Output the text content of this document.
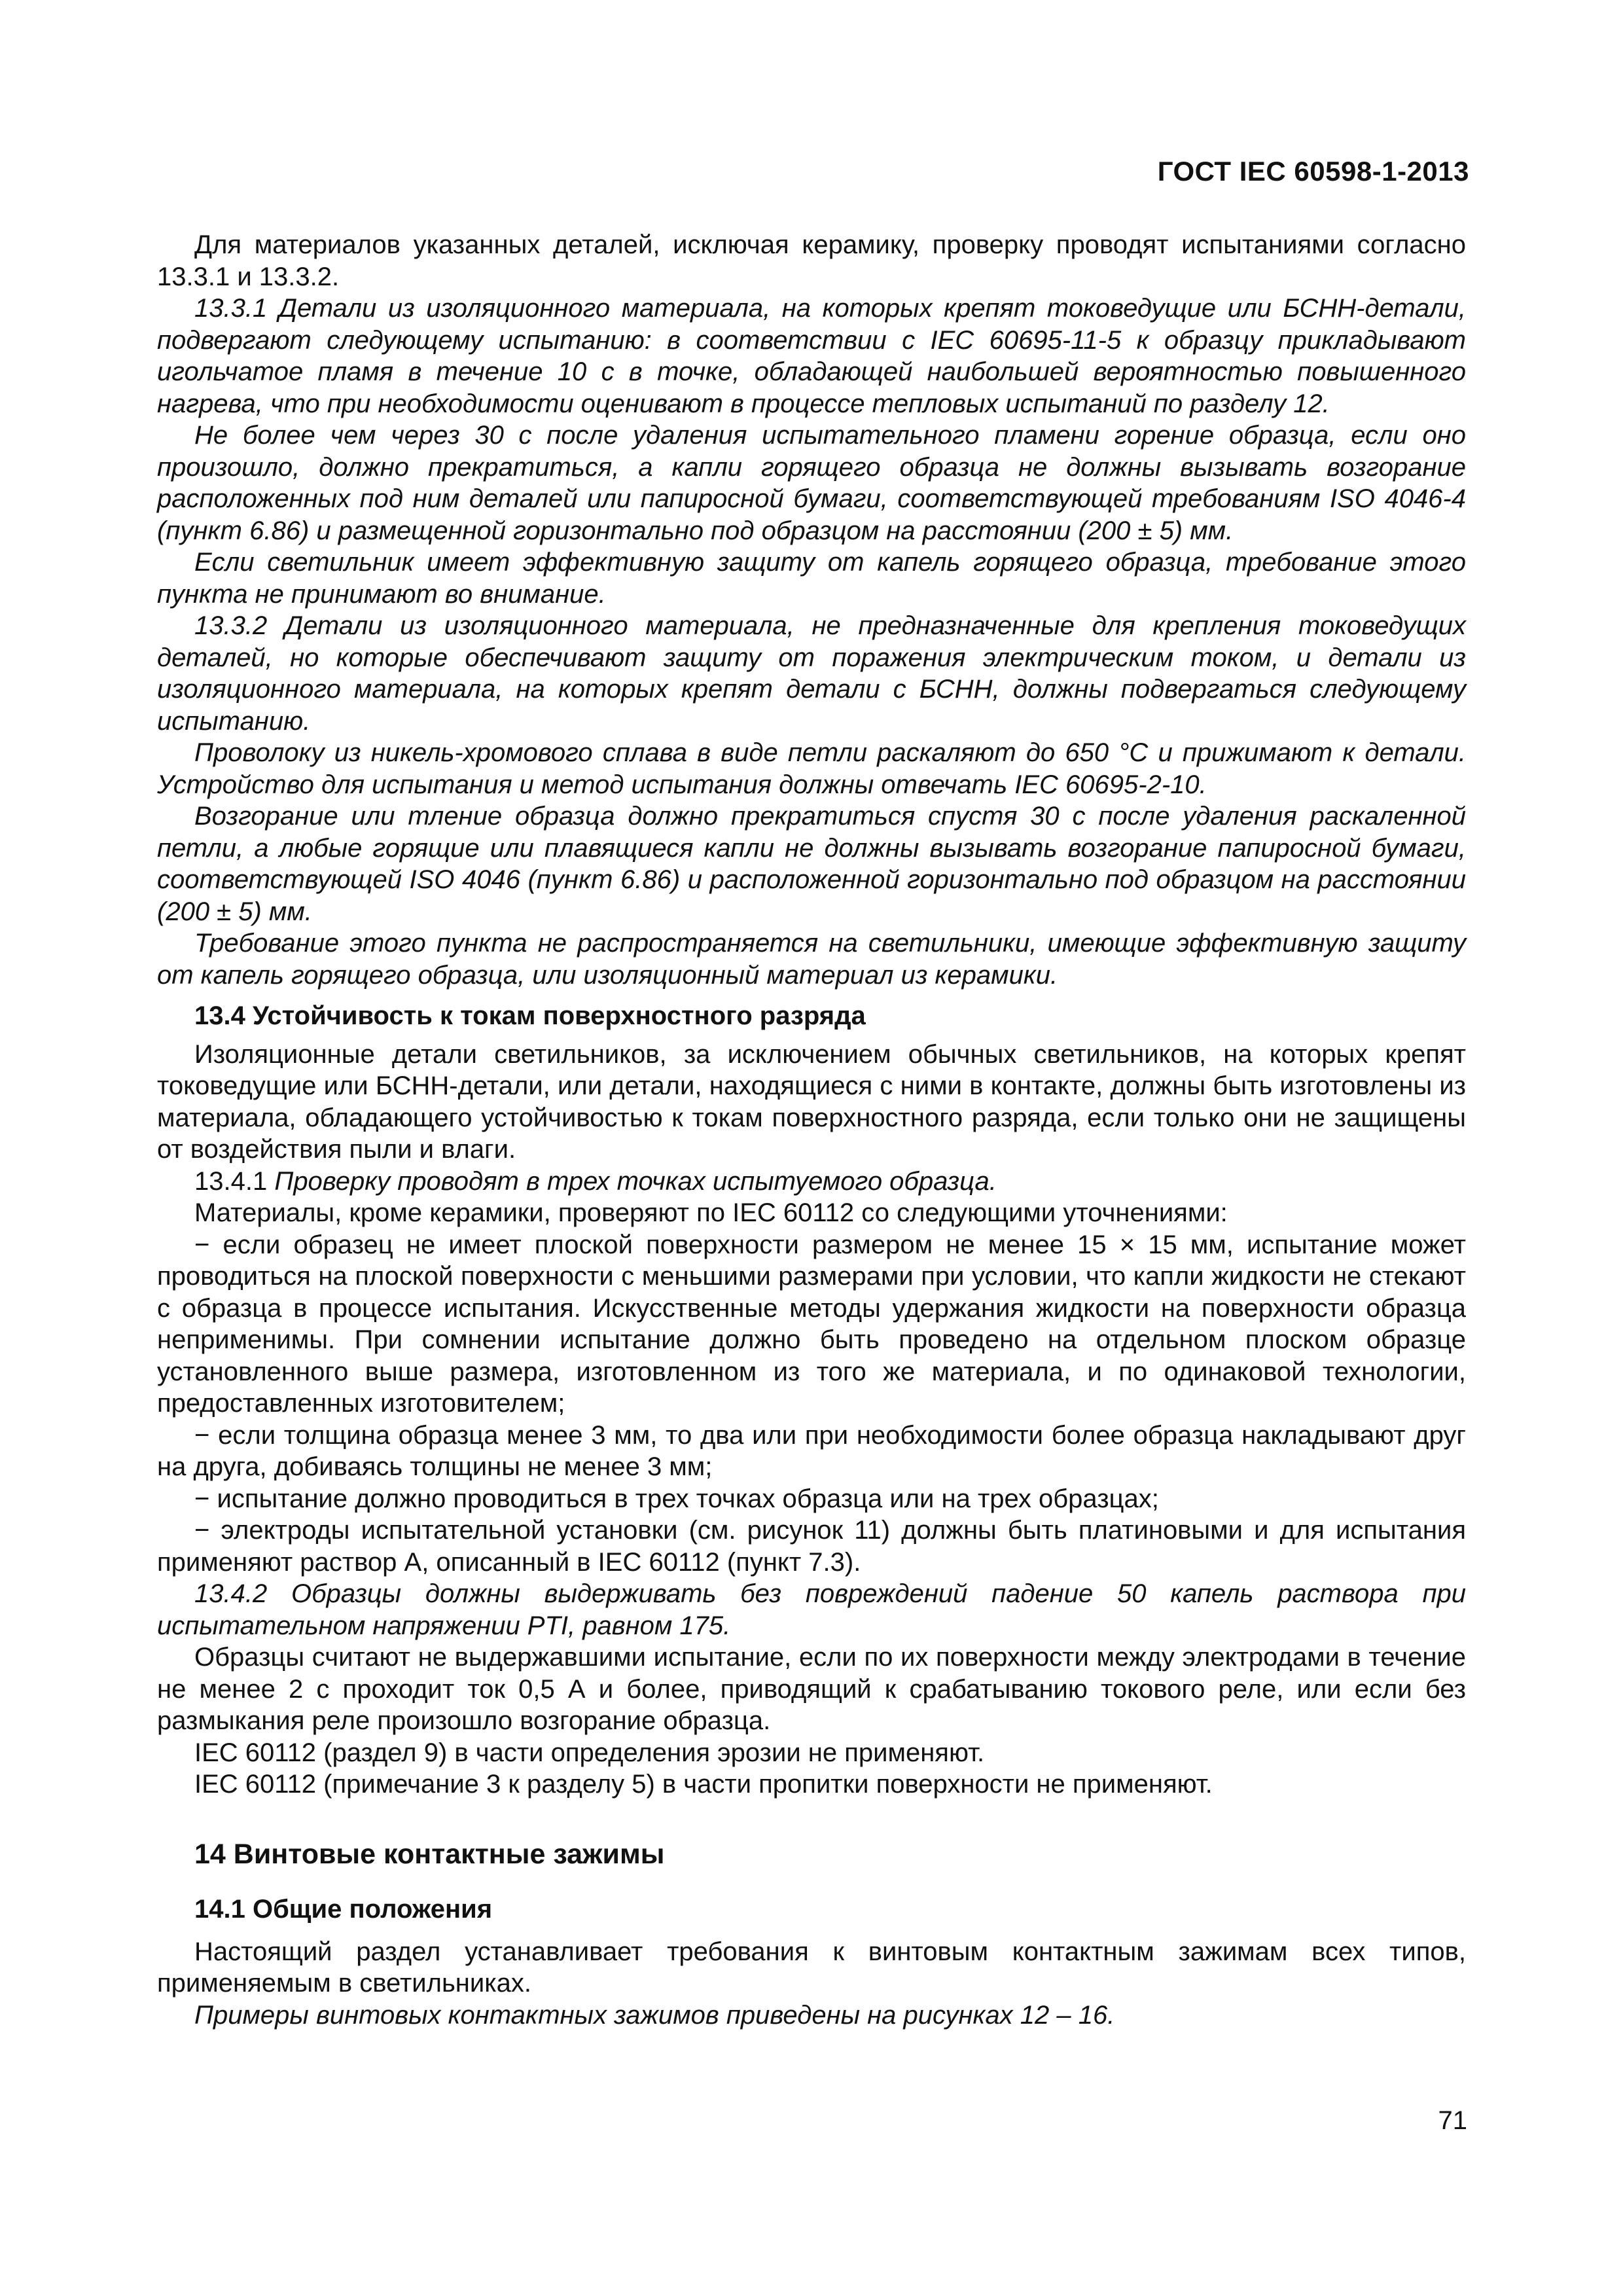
ГОСТ IEC 60598-1-2013

Для материалов указанных деталей, исключая керамику, проверку проводят испытаниями согласно 13.3.1 и 13.3.2.

13.3.1 Детали из изоляционного материала, на которых крепят токоведущие или БСНН-детали, подвергают следующему испытанию: в соответствии с IEC 60695-11-5 к образцу прикладывают игольчатое пламя в течение 10 с в точке, обладающей наибольшей вероятностью повышенного нагрева, что при необходимости оценивают в процессе тепловых испытаний по разделу 12.

Не более чем через 30 с после удаления испытательного пламени горение образца, если оно произошло, должно прекратиться, а капли горящего образца не должны вызывать возгорание расположенных под ним деталей или папиросной бумаги, соответствующей требованиям ISO 4046-4 (пункт 6.86) и размещенной горизонтально под образцом на расстоянии (200 ± 5) мм.

Если светильник имеет эффективную защиту от капель горящего образца, требование этого пункта не принимают во внимание.

13.3.2 Детали из изоляционного материала, не предназначенные для крепления токоведущих деталей, но которые обеспечивают защиту от поражения электрическим током, и детали из изоляционного материала, на которых крепят детали с БСНН, должны подвергаться следующему испытанию.

Проволоку из никель-хромового сплава в виде петли раскаляют до 650 °С и прижимают к детали. Устройство для испытания и метод испытания должны отвечать IEC 60695-2-10.

Возгорание или тление образца должно прекратиться спустя 30 с после удаления раскаленной петли, а любые горящие или плавящиеся капли не должны вызывать возгорание папиросной бумаги, соответствующей ISO 4046 (пункт 6.86) и расположенной горизонтально под образцом на расстоянии (200 ± 5) мм.

Требование этого пункта не распространяется на светильники, имеющие эффективную защиту от капель горящего образца, или изоляционный материал из керамики.

13.4 Устойчивость к токам поверхностного разряда

Изоляционные детали светильников, за исключением обычных светильников, на которых крепят токоведущие или БСНН-детали, или детали, находящиеся с ними в контакте, должны быть изготовлены из материала, обладающего устойчивостью к токам поверхностного разряда, если только они не защищены от воздействия пыли и влаги.

13.4.1 Проверку проводят в трех точках испытуемого образца.

Материалы, кроме керамики, проверяют по IEC 60112 со следующими уточнениями:

− если образец не имеет плоской поверхности размером не менее 15 × 15 мм, испытание может проводиться на плоской поверхности с меньшими размерами при условии, что капли жидкости не стекают с образца в процессе испытания. Искусственные методы удержания жидкости на поверхности образца неприменимы. При сомнении испытание должно быть проведено на отдельном плоском образце установленного выше размера, изготовленном из того же материала, и по одинаковой технологии, предоставленных изготовителем;

− если толщина образца менее 3 мм, то два или при необходимости более образца накладывают друг на друга, добиваясь толщины не менее 3 мм;

− испытание должно проводиться в трех точках образца или на трех образцах;

− электроды испытательной установки (см. рисунок 11) должны быть платиновыми и для испытания применяют раствор А, описанный в IEC 60112 (пункт 7.3).

13.4.2 Образцы должны выдерживать без повреждений падение 50 капель раствора при испытательном напряжении PTI, равном 175.

Образцы считают не выдержавшими испытание, если по их поверхности между электродами в течение не менее 2 с проходит ток 0,5 А и более, приводящий к срабатыванию токового реле, или если без размыкания реле произошло возгорание образца.

IEC 60112 (раздел 9) в части определения эрозии не применяют.

IEC 60112 (примечание 3 к разделу 5) в части пропитки поверхности не применяют.

14 Винтовые контактные зажимы

14.1 Общие положения

Настоящий раздел устанавливает требования к винтовым контактным зажимам всех типов, применяемым в светильниках.

Примеры винтовых контактных зажимов приведены на рисунках 12 – 16.

71
